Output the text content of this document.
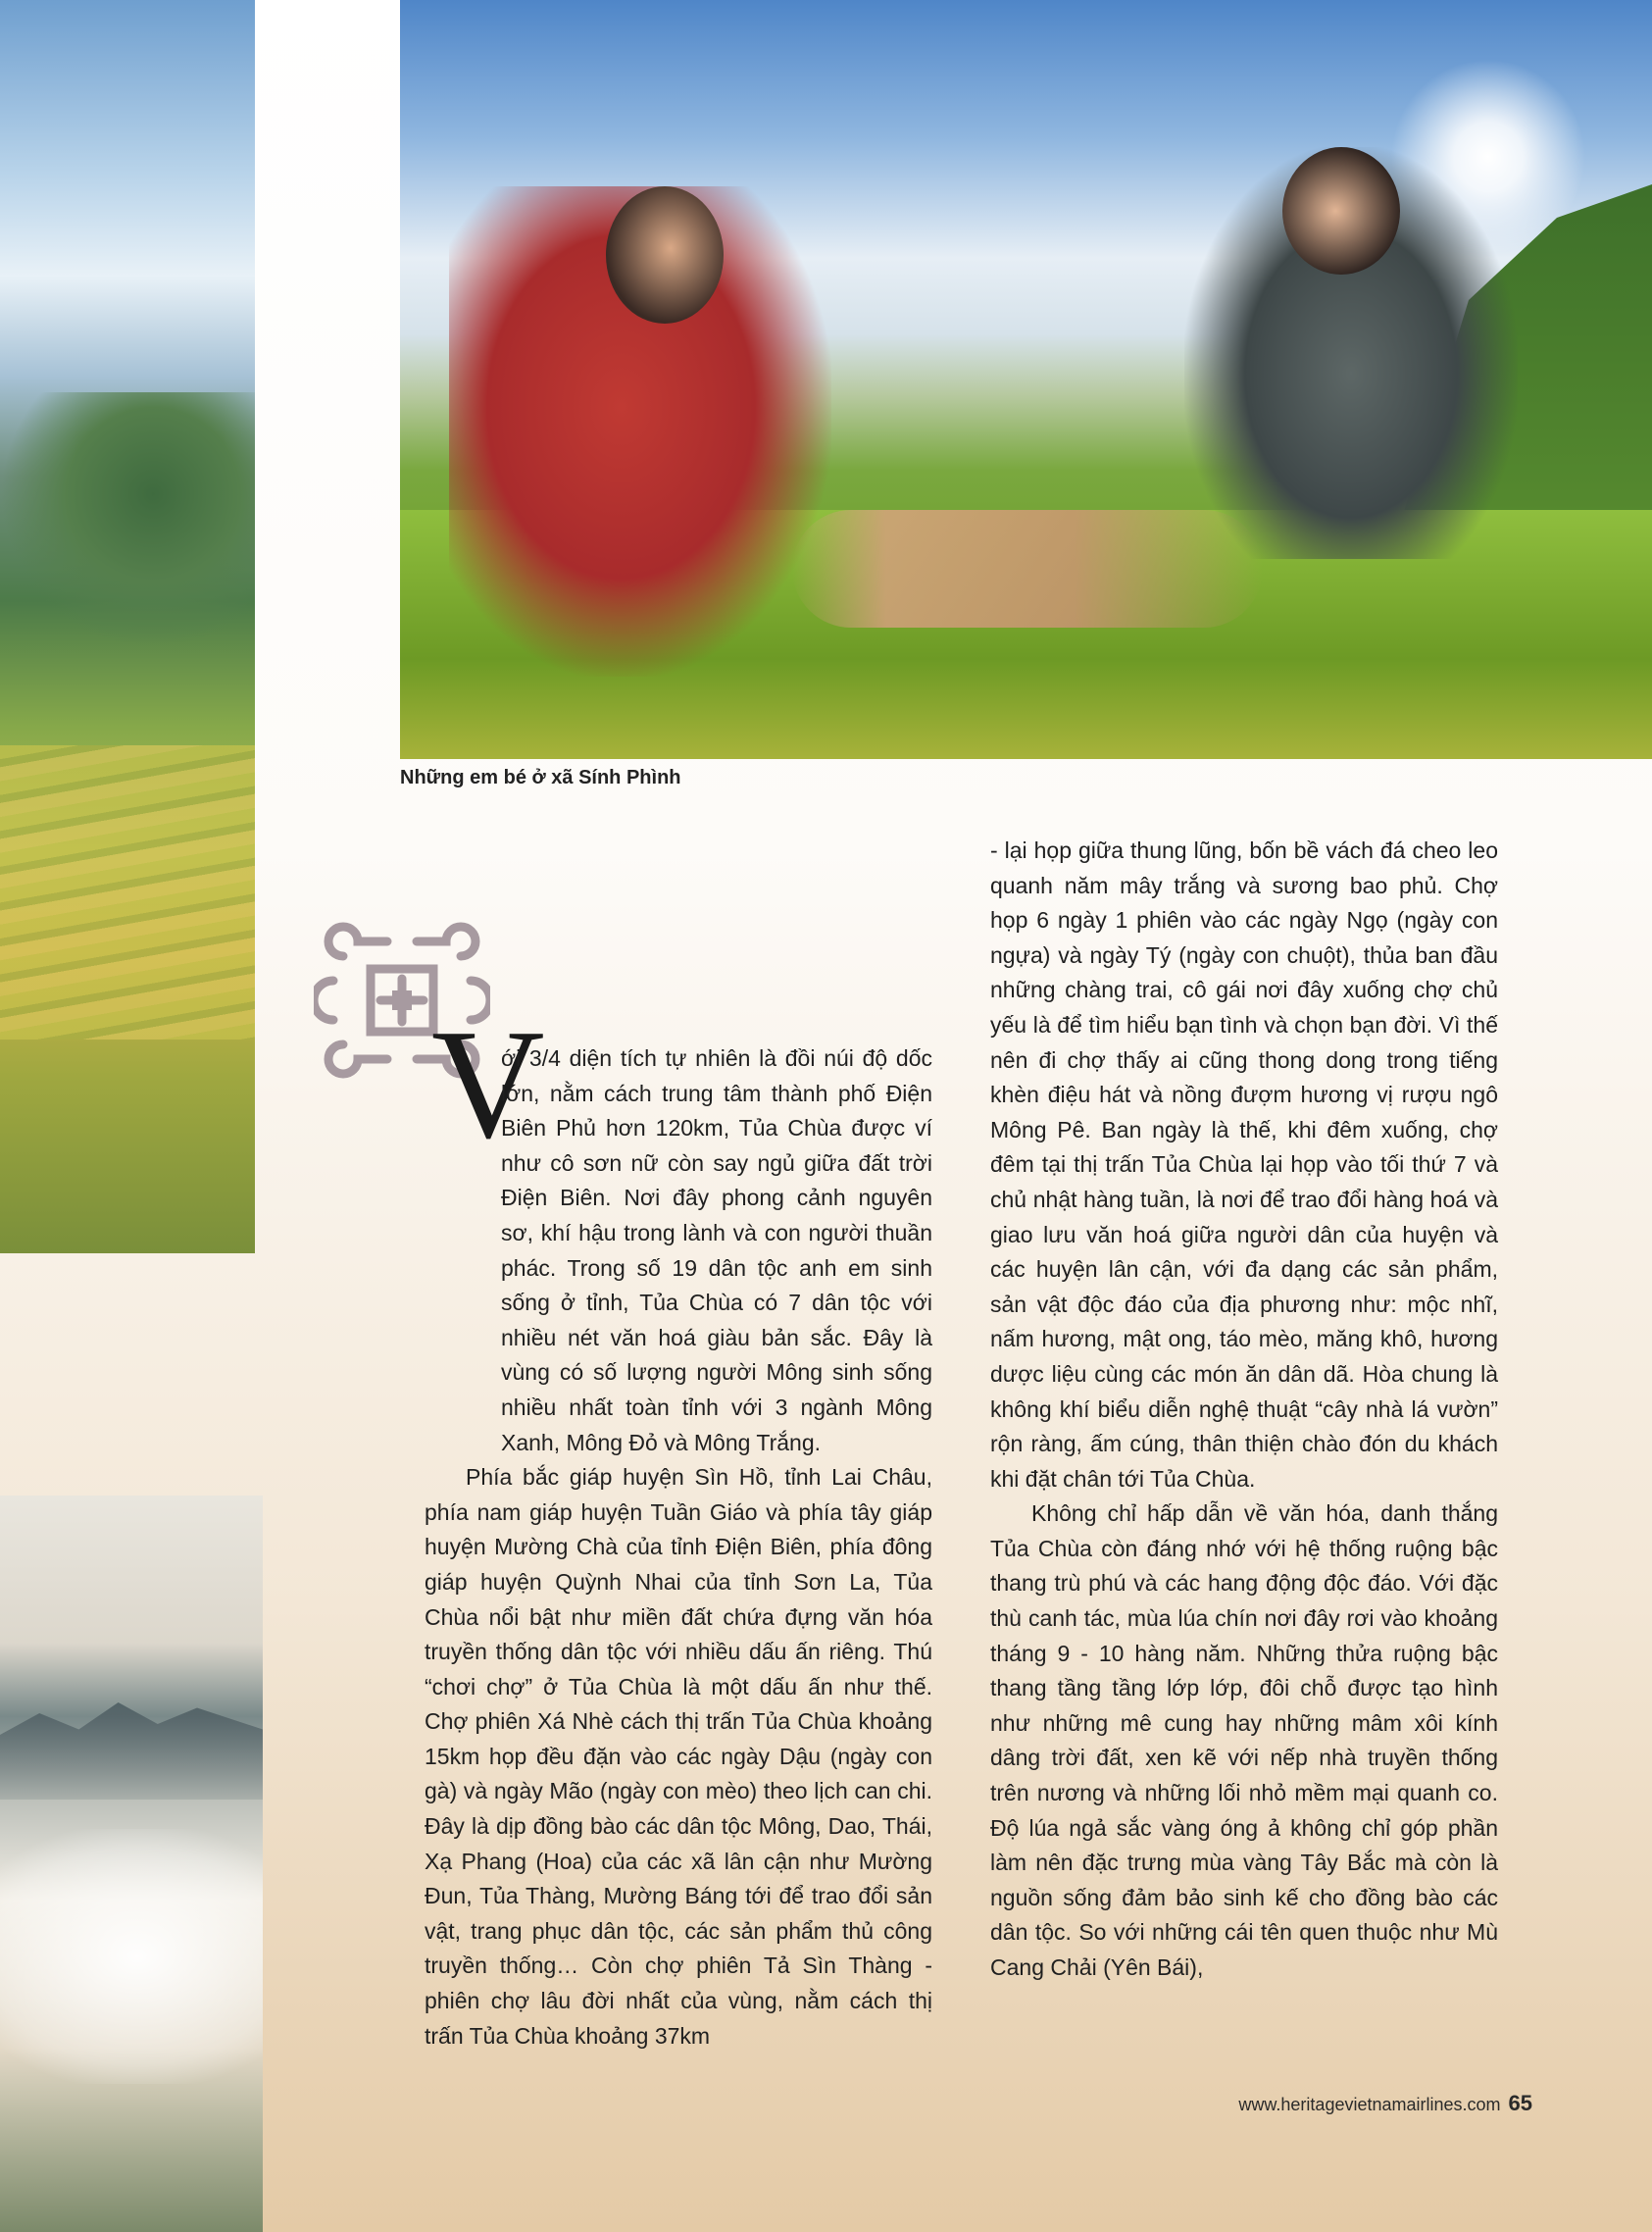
Những em bé ở xã Sính Phình
V

ới 3/4 diện tích tự nhiên là đồi núi độ dốc lớn, nằm cách trung tâm thành phố Điện Biên Phủ hơn 120km, Tủa Chùa được ví như cô sơn nữ còn say ngủ giữa đất trời Điện Biên. Nơi đây phong cảnh nguyên sơ, khí hậu trong lành và con người thuần phác. Trong số 19 dân tộc anh em sinh sống ở tỉnh, Tủa Chùa có 7 dân tộc với nhiều nét văn hoá giàu bản sắc. Đây là vùng có số lượng người Mông sinh sống nhiều nhất toàn tỉnh với 3 ngành Mông Xanh, Mông Đỏ và Mông Trắng.

Phía bắc giáp huyện Sìn Hồ, tỉnh Lai Châu, phía nam giáp huyện Tuần Giáo và phía tây giáp huyện Mường Chà của tỉnh Điện Biên, phía đông giáp huyện Quỳnh Nhai của tỉnh Sơn La, Tủa Chùa nổi bật như miền đất chứa đựng văn hóa truyền thống dân tộc với nhiều dấu ấn riêng. Thú “chơi chợ” ở Tủa Chùa là một dấu ấn như thế. Chợ phiên Xá Nhè cách thị trấn Tủa Chùa khoảng 15km họp đều đặn vào các ngày Dậu (ngày con gà) và ngày Mão (ngày con mèo) theo lịch can chi. Đây là dịp đồng bào các dân tộc Mông, Dao, Thái, Xạ Phang (Hoa) của các xã lân cận như Mường Đun, Tủa Thàng, Mường Báng tới để trao đổi sản vật, trang phục dân tộc, các sản phẩm thủ công truyền thống… Còn chợ phiên Tả Sìn Thàng - phiên chợ lâu đời nhất của vùng, nằm cách thị trấn Tủa Chùa khoảng 37km

- lại họp giữa thung lũng, bốn bề vách đá cheo leo quanh năm mây trắng và sương bao phủ. Chợ họp 6 ngày 1 phiên vào các ngày Ngọ (ngày con ngựa) và ngày Tý (ngày con chuột), thủa ban đầu những chàng trai, cô gái nơi đây xuống chợ chủ yếu là để tìm hiểu bạn tình và chọn bạn đời. Vì thế nên đi chợ thấy ai cũng thong dong trong tiếng khèn điệu hát và nồng đượm hương vị rượu ngô Mông Pê. Ban ngày là thế, khi đêm xuống, chợ đêm tại thị trấn Tủa Chùa lại họp vào tối thứ 7 và chủ nhật hàng tuần, là nơi để trao đổi hàng hoá và giao lưu văn hoá giữa người dân của huyện và các huyện lân cận, với đa dạng các sản phẩm, sản vật độc đáo của địa phương như: mộc nhĩ, nấm hương, mật ong, táo mèo, măng khô, hương dược liệu cùng các món ăn dân dã. Hòa chung là không khí biểu diễn nghệ thuật “cây nhà lá vườn” rộn ràng, ấm cúng, thân thiện chào đón du khách khi đặt chân tới Tủa Chùa.

Không chỉ hấp dẫn về văn hóa, danh thắng Tủa Chùa còn đáng nhớ với hệ thống ruộng bậc thang trù phú và các hang động độc đáo. Với đặc thù canh tác, mùa lúa chín nơi đây rơi vào khoảng tháng 9 - 10 hàng năm. Những thửa ruộng bậc thang tầng tầng lớp lớp, đôi chỗ được tạo hình như những mê cung hay những mâm xôi kính dâng trời đất, xen kẽ với nếp nhà truyền thống trên nương và những lối nhỏ mềm mại quanh co. Độ lúa ngả sắc vàng óng ả không chỉ góp phần làm nên đặc trưng mùa vàng Tây Bắc mà còn là nguồn sống đảm bảo sinh kế cho đồng bào các dân tộc. So với những cái tên quen thuộc như Mù Cang Chải (Yên Bái),

www.heritagevietnamairlines.com 65
